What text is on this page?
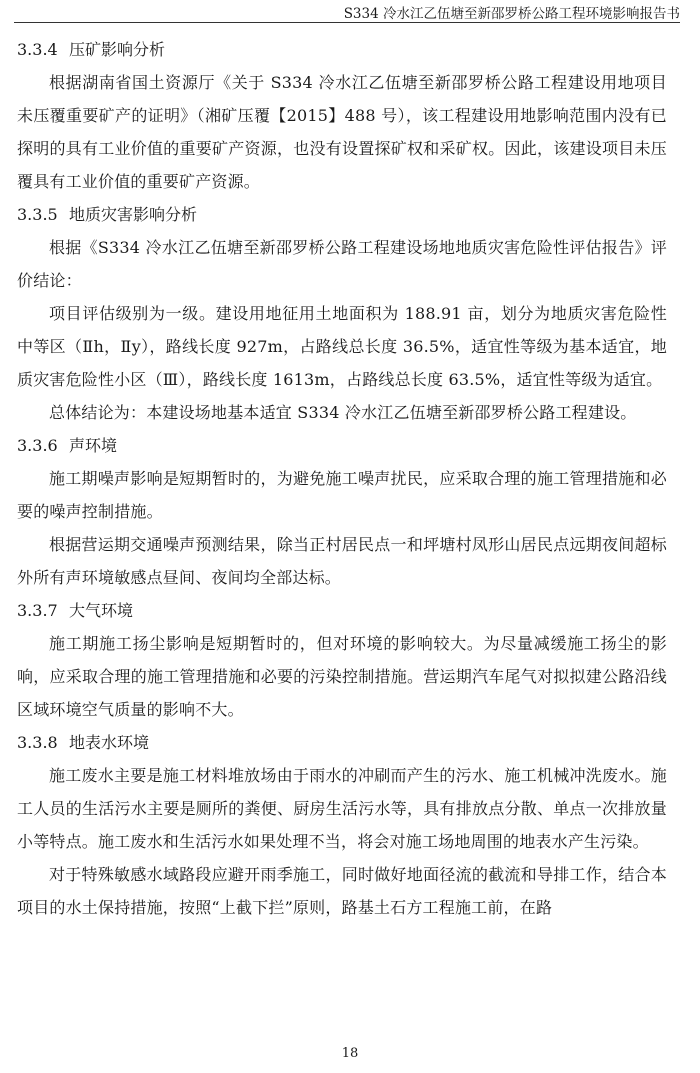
S334 冷水江乙伍塘至新邵罗桥公路工程环境影响报告书
3.3.4 压矿影响分析

根据湖南省国土资源厅《关于 S334 冷水江乙伍塘至新邵罗桥公路工程建设用地项目未压覆重要矿产的证明》（湘矿压覆【2015】488 号），该工程建设用地影响范围内没有已探明的具有工业价值的重要矿产资源，也没有设置探矿权和采矿权。因此，该建设项目未压覆具有工业价值的重要矿产资源。

3.3.5 地质灾害影响分析

根据《S334 冷水江乙伍塘至新邵罗桥公路工程建设场地地质灾害危险性评估报告》评价结论：

项目评估级别为一级。建设用地征用土地面积为 188.91 亩，划分为地质灾害危险性中等区（Ⅱh，Ⅱy），路线长度 927m，占路线总长度 36.5%，适宜性等级为基本适宜，地质灾害危险性小区（Ⅲ），路线长度 1613m，占路线总长度 63.5%，适宜性等级为适宜。

总体结论为：本建设场地基本适宜 S334 冷水江乙伍塘至新邵罗桥公路工程建设。

3.3.6 声环境

施工期噪声影响是短期暂时的，为避免施工噪声扰民，应采取合理的施工管理措施和必要的噪声控制措施。

根据营运期交通噪声预测结果，除当正村居民点一和坪塘村凤形山居民点远期夜间超标外所有声环境敏感点昼间、夜间均全部达标。

3.3.7 大气环境

施工期施工扬尘影响是短期暂时的，但对环境的影响较大。为尽量减缓施工扬尘的影响，应采取合理的施工管理措施和必要的污染控制措施。营运期汽车尾气对拟拟建公路沿线区域环境空气质量的影响不大。

3.3.8 地表水环境

施工废水主要是施工材料堆放场由于雨水的冲刷而产生的污水、施工机械冲洗废水。施工人员的生活污水主要是厕所的粪便、厨房生活污水等，具有排放点分散、单点一次排放量小等特点。施工废水和生活污水如果处理不当，将会对施工场地周围的地表水产生污染。

对于特殊敏感水域路段应避开雨季施工，同时做好地面径流的截流和导排工作，结合本项目的水土保持措施，按照“上截下拦”原则，路基土石方工程施工前，在路

18
